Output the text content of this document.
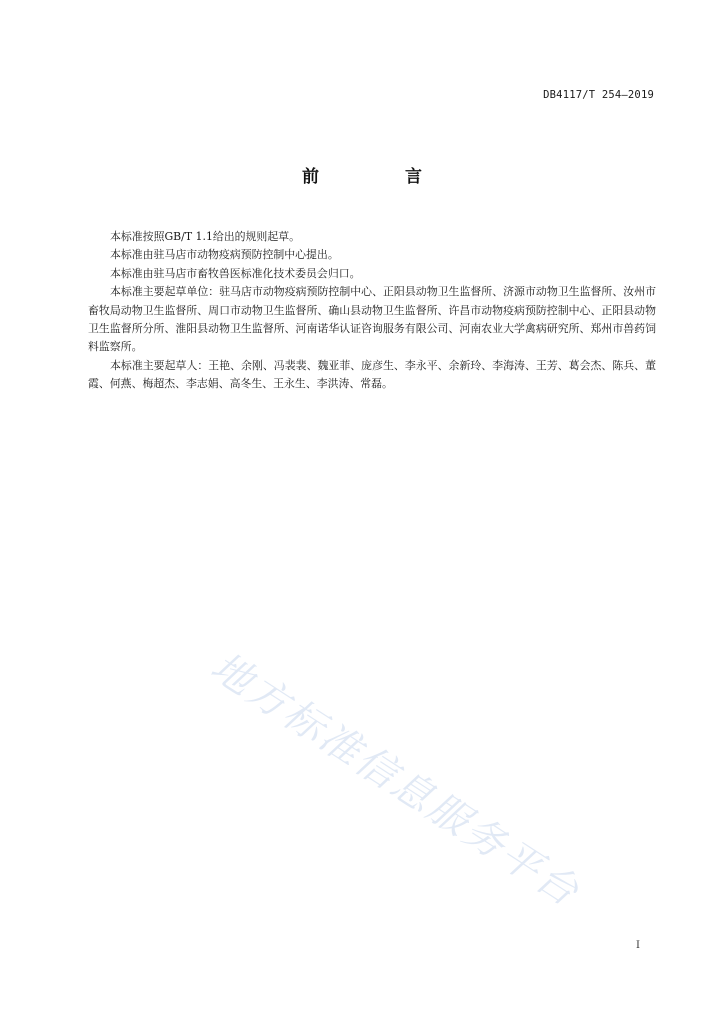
DB4117/T 254—2019
前 言

本标准按照GB/T 1.1给出的规则起草。

本标准由驻马店市动物疫病预防控制中心提出。

本标准由驻马店市畜牧兽医标准化技术委员会归口。

本标准主要起草单位：驻马店市动物疫病预防控制中心、正阳县动物卫生监督所、济源市动物卫生监督所、汝州市畜牧局动物卫生监督所、周口市动物卫生监督所、确山县动物卫生监督所、许昌市动物疫病预防控制中心、正阳县动物卫生监督所分所、淮阳县动物卫生监督所、河南诺华认证咨询服务有限公司、河南农业大学禽病研究所、郑州市兽药饲料监察所。

本标准主要起草人：王艳、余刚、冯裴裴、魏亚菲、庞彦生、李永平、余新玲、李海涛、王芳、葛会杰、陈兵、董霞、何燕、梅超杰、李志娟、高冬生、王永生、李洪涛、常磊。

地方标准信息服务平台
I
